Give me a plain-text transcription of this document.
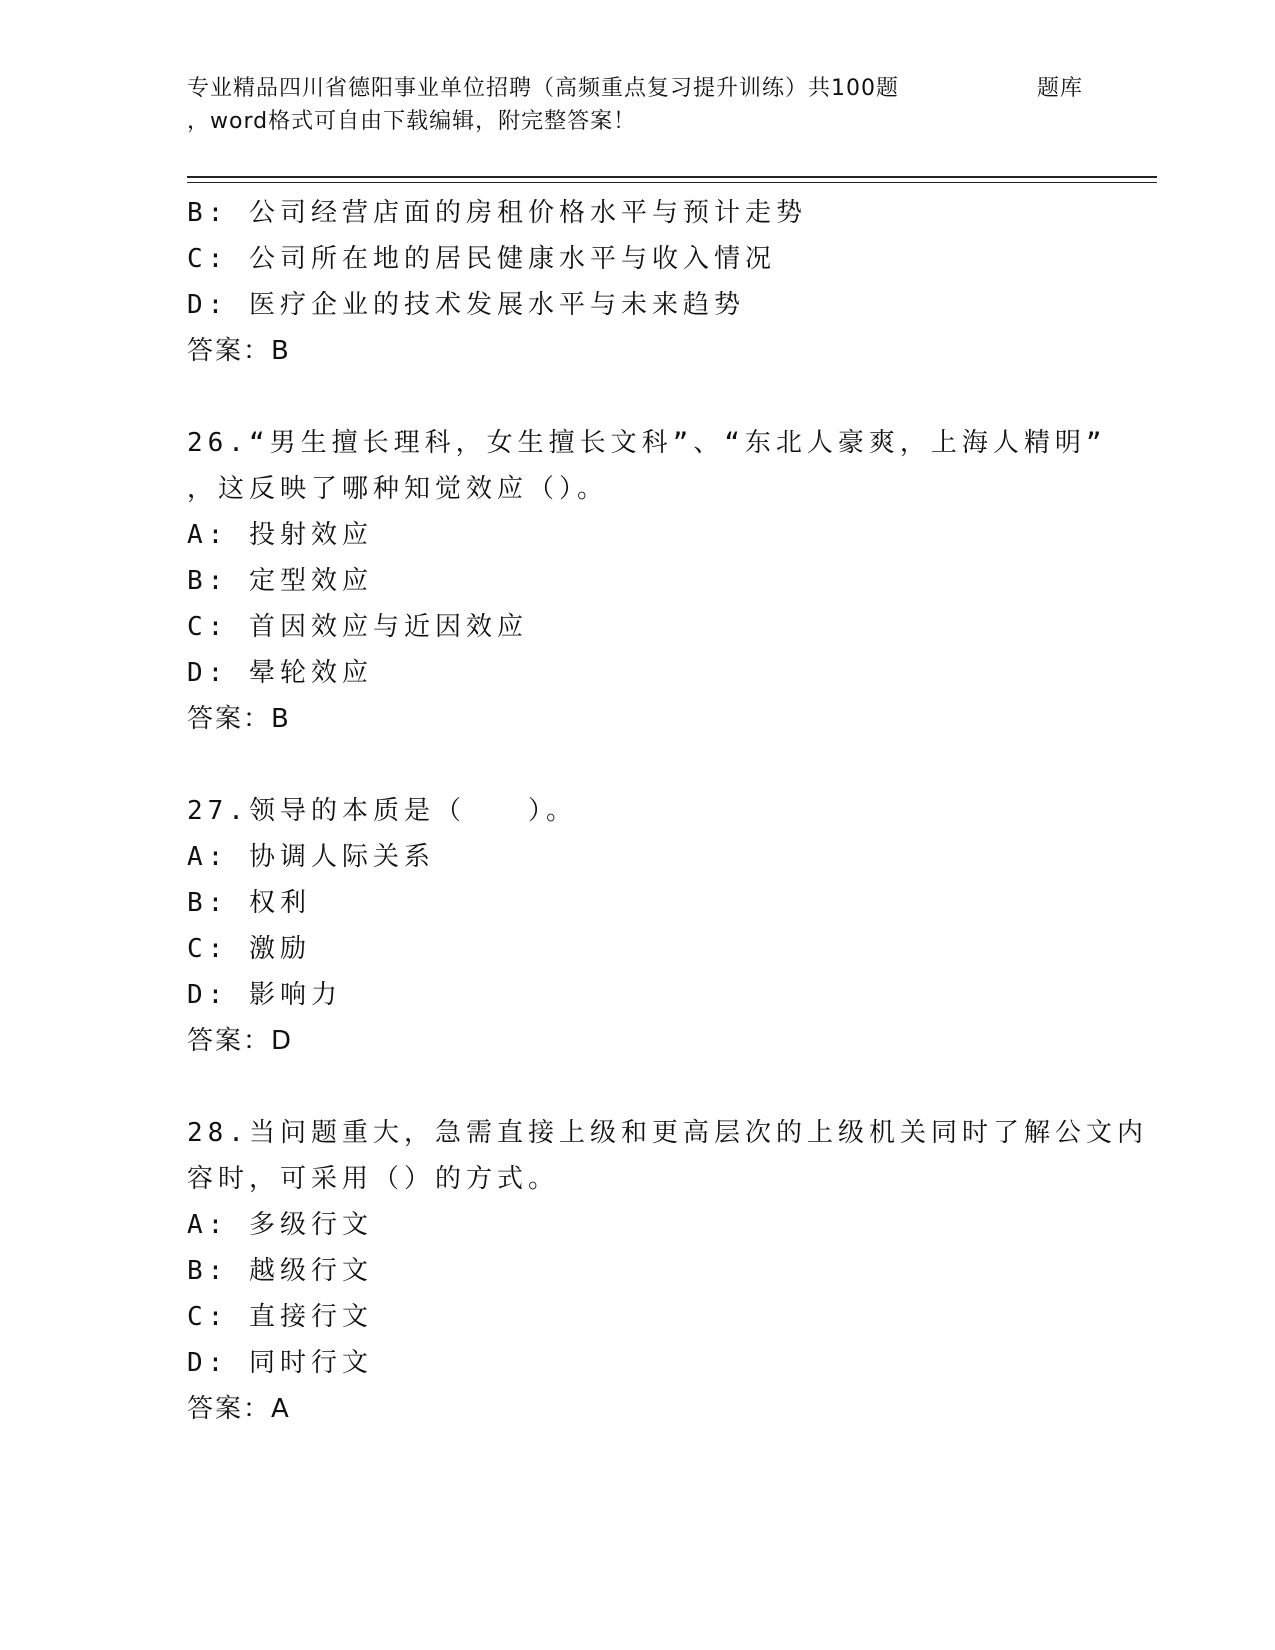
专业精品四川省德阳事业单位招聘（高频重点复习提升训练）共100题	题库
，word格式可自由下载编辑，附完整答案！
B: 公司经营店面的房租价格水平与预计走势
C: 公司所在地的居民健康水平与收入情况
D: 医疗企业的技术发展水平与未来趋势
答案：B
26.“男生擅长理科，女生擅长文科”、“东北人豪爽，上海人精明”
，这反映了哪种知觉效应（）。
A: 投射效应
B: 定型效应
C: 首因效应与近因效应
D: 晕轮效应
答案：B
27.领导的本质是（　　）。
A: 协调人际关系
B: 权利
C: 激励
D: 影响力
答案：D
28.当问题重大，急需直接上级和更高层次的上级机关同时了解公文内
容时，可采用（）的方式。
A: 多级行文
B: 越级行文
C: 直接行文
D: 同时行文
答案：A
